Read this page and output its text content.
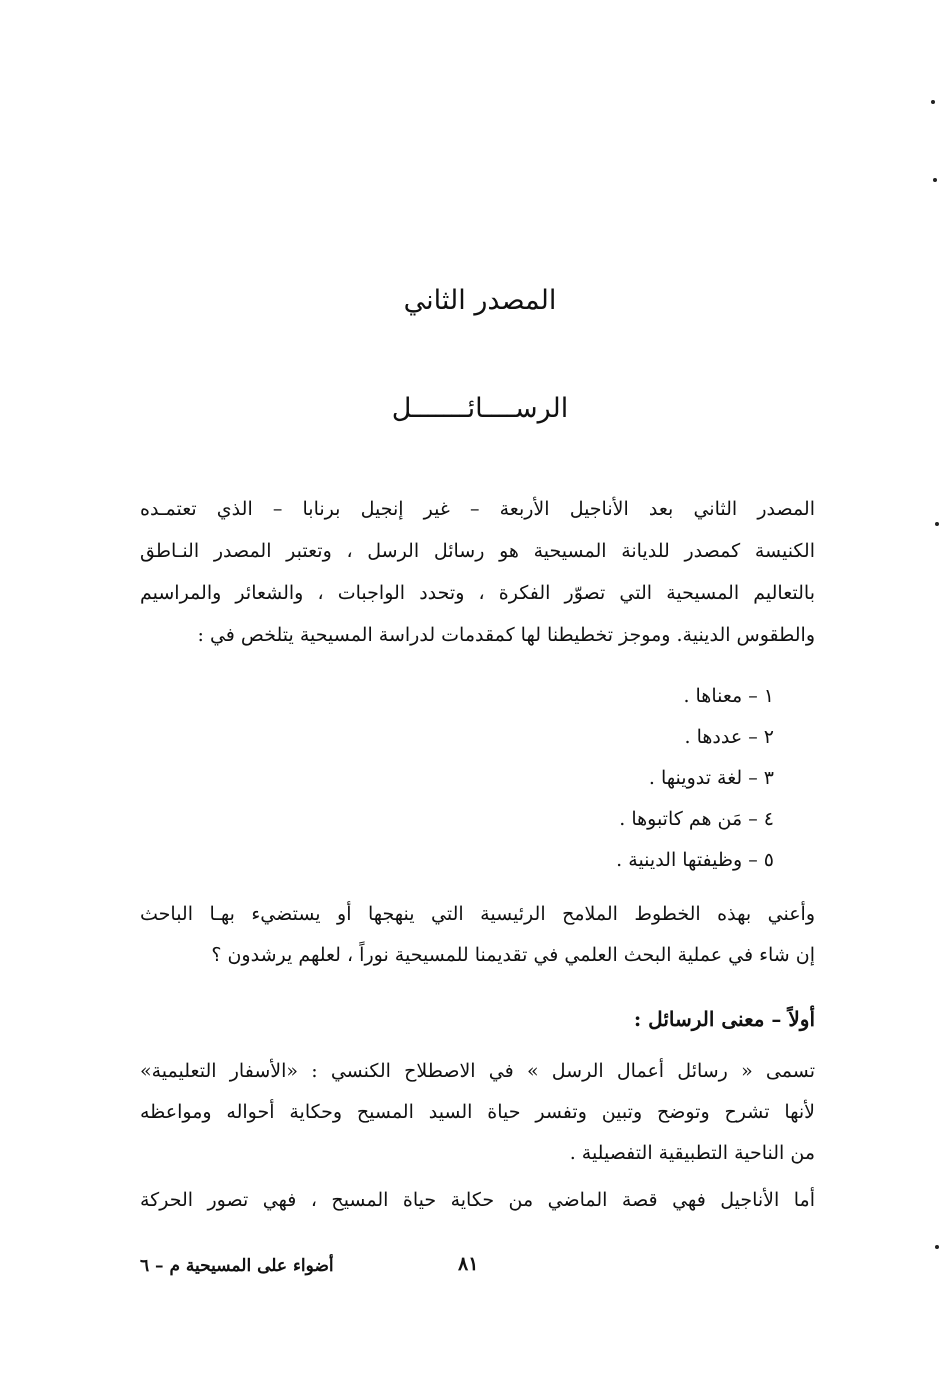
المصدر الثاني
الرســــائـــــــل
المصدر الثاني بعد الأناجيل الأربعة – غير إنجيل برنابا – الذي تعتمـده
الكنيسة كمصدر للديانة المسيحية هو رسائل الرسل ، وتعتبر المصدر النـاطق
بالتعاليم المسيحية التي تصوّر الفكرة ، وتحدد الواجبات ، والشعائر والمراسيم
والطقوس الدينية. وموجز تخطيطنا لها كمقدمات لدراسة المسيحية يتلخص في :
١ – معناها .
٢ – عددها .
٣ – لغة تدوينها .
٤ – مَن هم كاتبوها .
٥ – وظيفتها الدينية .
وأعني بهذه الخطوط الملامح الرئيسية التي ينهجها أو يستضيء بهـا الباحث
إن شاء في عملية البحث العلمي في تقديمنا للمسيحية نوراً ، لعلهم يرشدون ؟
أولاً – معنى الرسائل :
تسمى « رسائل أعمال الرسل » في الاصطلاح الكنسي : «الأسفار التعليمية»
لأنها تشرح وتوضح وتبين وتفسر حياة السيد المسيح وحكاية أحواله ومواعظه
من الناحية التطبيقية التفصيلية .
أما الأناجيل فهي قصة الماضي من حكاية حياة المسيح ، فهي تصور الحركة
أضواء على المسيحية م – ٦	٨١
